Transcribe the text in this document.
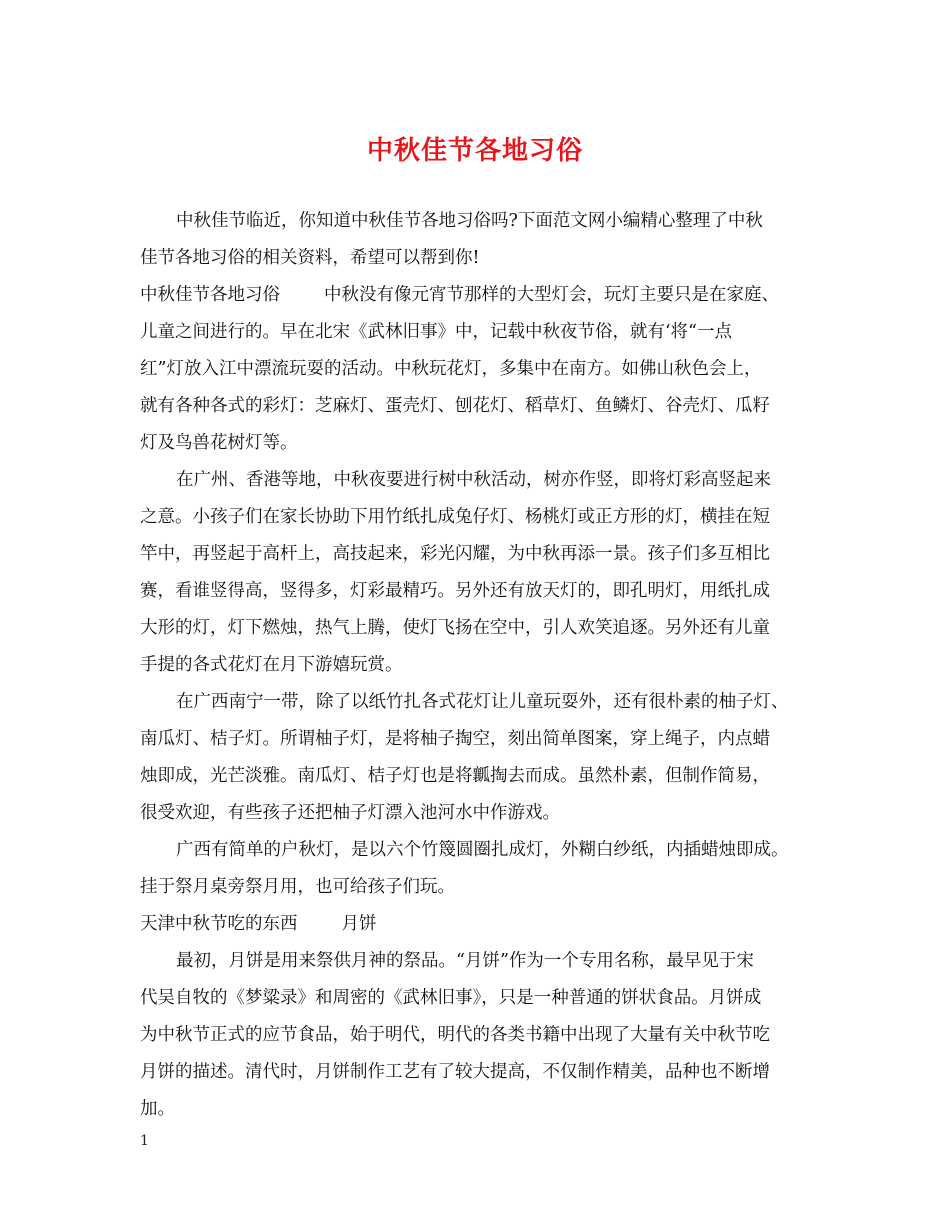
中秋佳节各地习俗
中秋佳节临近，你知道中秋佳节各地习俗吗?下面范文网小编精心整理了中秋
佳节各地习俗的相关资料，希望可以帮到你!
中秋佳节各地习俗	中秋没有像元宵节那样的大型灯会，玩灯主要只是在家庭、
儿童之间进行的。早在北宋《武林旧事》中，记载中秋夜节俗，就有‘将“一点
红”灯放入江中漂流玩耍的活动。中秋玩花灯，多集中在南方。如佛山秋色会上，
就有各种各式的彩灯：芝麻灯、蛋壳灯、刨花灯、稻草灯、鱼鳞灯、谷壳灯、瓜籽
灯及鸟兽花树灯等。
在广州、香港等地，中秋夜要进行树中秋活动，树亦作竖，即将灯彩高竖起来
之意。小孩子们在家长协助下用竹纸扎成兔仔灯、杨桃灯或正方形的灯，横挂在短
竿中，再竖起于高杆上，高技起来，彩光闪耀，为中秋再添一景。孩子们多互相比
赛，看谁竖得高，竖得多，灯彩最精巧。另外还有放天灯的，即孔明灯，用纸扎成
大形的灯，灯下燃烛，热气上腾，使灯飞扬在空中，引人欢笑追逐。另外还有儿童
手提的各式花灯在月下游嬉玩赏。
在广西南宁一带，除了以纸竹扎各式花灯让儿童玩耍外，还有很朴素的柚子灯、
南瓜灯、桔子灯。所谓柚子灯，是将柚子掏空，刻出简单图案，穿上绳子，内点蜡
烛即成，光芒淡雅。南瓜灯、桔子灯也是将瓤掏去而成。虽然朴素，但制作简易，
很受欢迎，有些孩子还把柚子灯漂入池河水中作游戏。
广西有简单的户秋灯，是以六个竹篾圆圈扎成灯，外糊白纱纸，内插蜡烛即成。
挂于祭月桌旁祭月用，也可给孩子们玩。
天津中秋节吃的东西	月饼
最初，月饼是用来祭供月神的祭品。“月饼”作为一个专用名称，最早见于宋
代吴自牧的《梦粱录》和周密的《武林旧事》，只是一种普通的饼状食品。月饼成
为中秋节正式的应节食品，始于明代，明代的各类书籍中出现了大量有关中秋节吃
月饼的描述。清代时，月饼制作工艺有了较大提高，不仅制作精美，品种也不断增
加。
1
